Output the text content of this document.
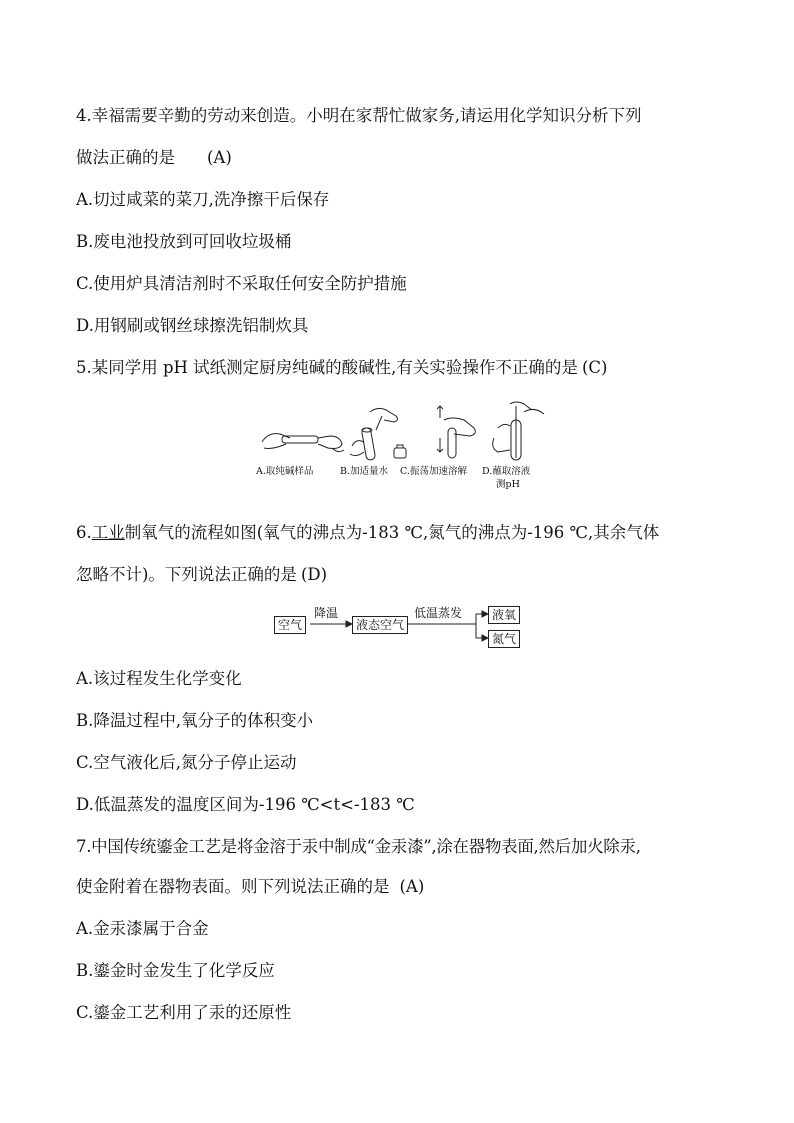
4.幸福需要辛勤的劳动来创造。小明在家帮忙做家务,请运用化学知识分析下列
做法正确的是 (A)
A.切过咸菜的菜刀,洗净擦干后保存
B.废电池投放到可回收垃圾桶
C.使用炉具清洁剂时不采取任何安全防护措施
D.用钢刷或钢丝球擦洗铝制炊具
5.某同学用 pH 试纸测定厨房纯碱的酸碱性,有关实验操作不正确的是 (C)
A.取纯碱样品	B.加适量水 C.振荡加速溶解 D.蘸取溶液
测pH
6.工业制氧气的流程如图(氧气的沸点为-183 ℃,氮气的沸点为-196 ℃,其余气体
忽略不计)。下列说法正确的是 (D)
空气
降温
液态空气
低温蒸发	液氧
氮气
A.该过程发生化学变化
B.降温过程中,氧分子的体积变小
C.空气液化后,氮分子停止运动
D.低温蒸发的温度区间为-196 ℃<t<-183 ℃
7.中国传统鎏金工艺是将金溶于汞中制成“金汞漆”,涂在器物表面,然后加火除汞,
使金附着在器物表面。则下列说法正确的是 (A)
A.金汞漆属于合金
B.鎏金时金发生了化学反应
C.鎏金工艺利用了汞的还原性
